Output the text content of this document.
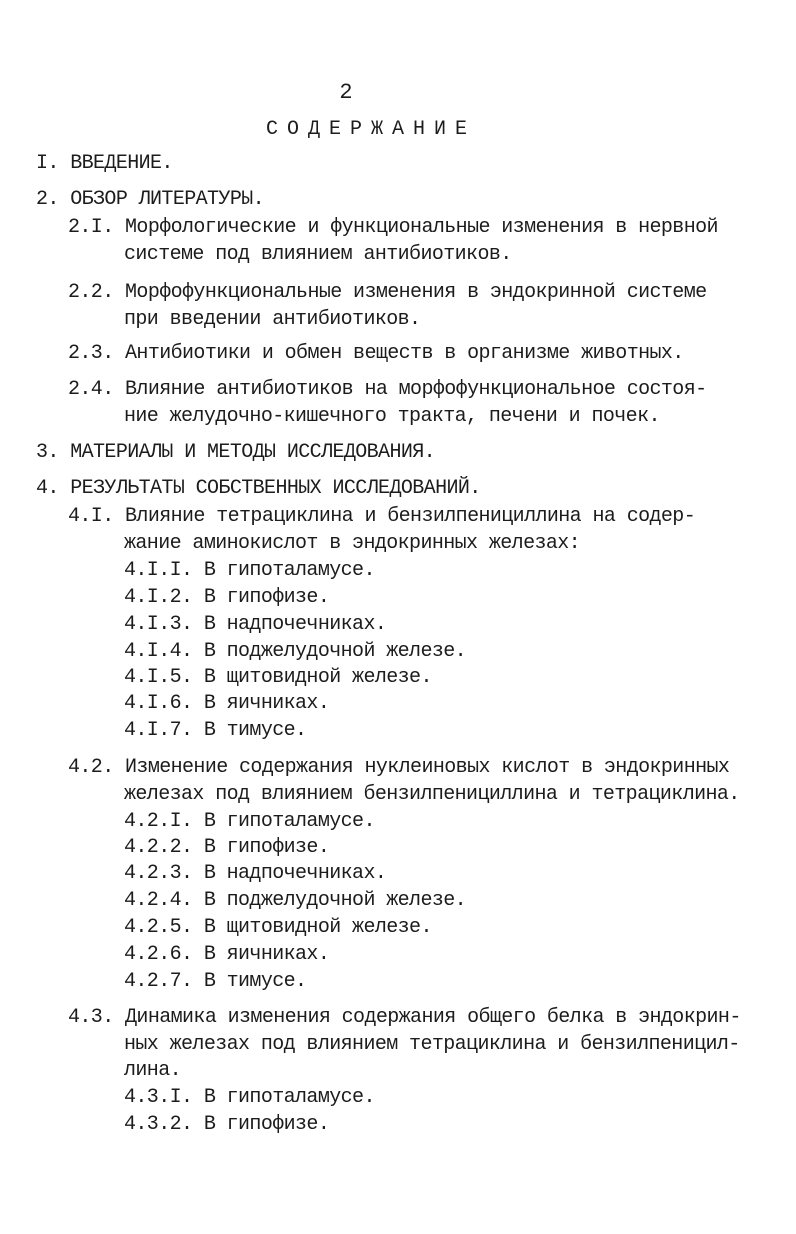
2
СОДЕРЖАНИЕ
I. ВВЕДЕНИЕ.
2. ОБЗОР ЛИТЕРАТУРЫ.
2.I. Морфологические и функциональные изменения в нервной
системе под влиянием антибиотиков.
2.2. Морфофункциональные изменения в эндокринной системе
при введении антибиотиков.
2.3. Антибиотики и обмен веществ в организме животных.
2.4. Влияние антибиотиков на морфофункциональное состоя-
ние желудочно-кишечного тракта, печени и почек.
3. МАТЕРИАЛЫ И МЕТОДЫ ИССЛЕДОВАНИЯ.
4. РЕЗУЛЬТАТЫ СОБСТВЕННЫХ ИССЛЕДОВАНИЙ.
4.I. Влияние тетрациклина и бензилпенициллина на содер-
жание аминокислот в эндокринных железах:
4.I.I. В гипоталамусе.
4.I.2. В гипофизе.
4.I.3. В надпочечниках.
4.I.4. В поджелудочной железе.
4.I.5. В щитовидной железе.
4.I.6. В яичниках.
4.I.7. В тимусе.
4.2. Изменение содержания нуклеиновых кислот в эндокринных
железах под влиянием бензилпенициллина и тетрациклина.
4.2.I. В гипоталамусе.
4.2.2. В гипофизе.
4.2.3. В надпочечниках.
4.2.4. В поджелудочной железе.
4.2.5. В щитовидной железе.
4.2.6. В яичниках.
4.2.7. В тимусе.
4.3. Динамика изменения содержания общего белка в эндокрин-
ных железах под влиянием тетрациклина и бензилпеницил-
лина.
4.3.I. В гипоталамусе.
4.3.2. В гипофизе.
